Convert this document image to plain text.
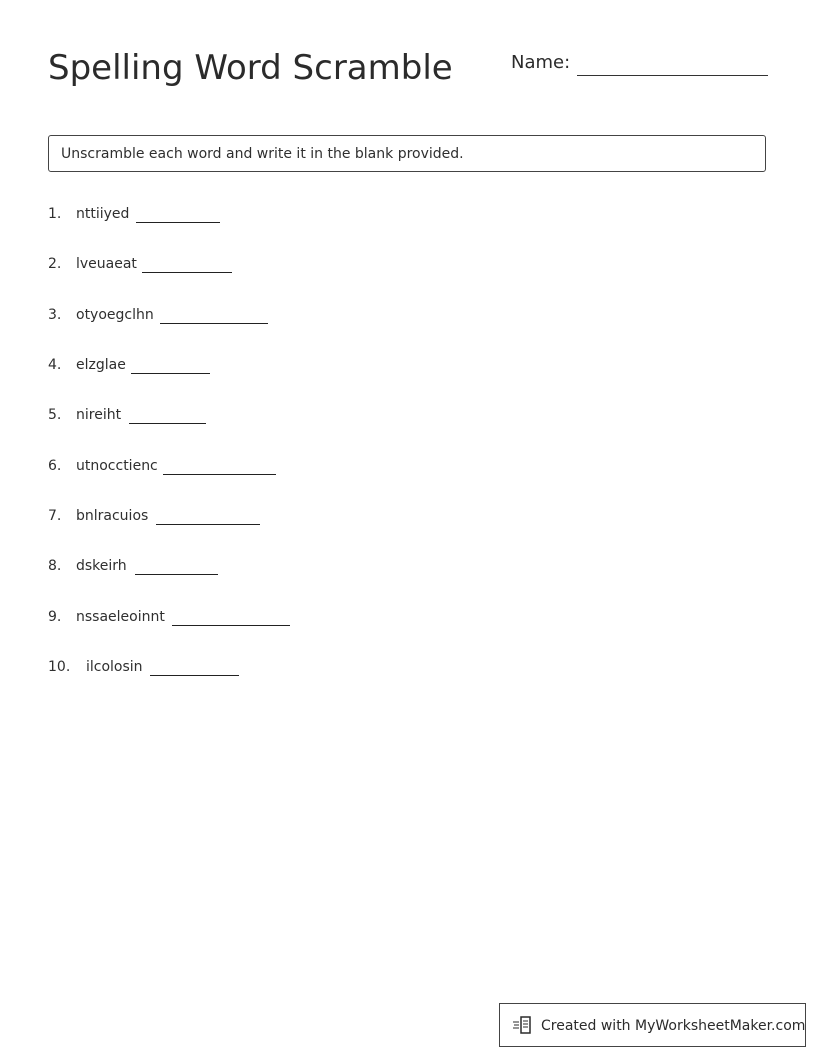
Spelling Word Scramble	Name:
Unscramble each word and write it in the blank provided.
1. nttiiyed
2. lveuaeat
3. otyoegclhn
4. elzglae
5. nireiht
6. utnocctienc
7. bnlracuios
8. dskeirh
9. nssaeleoinnt
10. ilcolosin
Created with MyWorksheetMaker.com
